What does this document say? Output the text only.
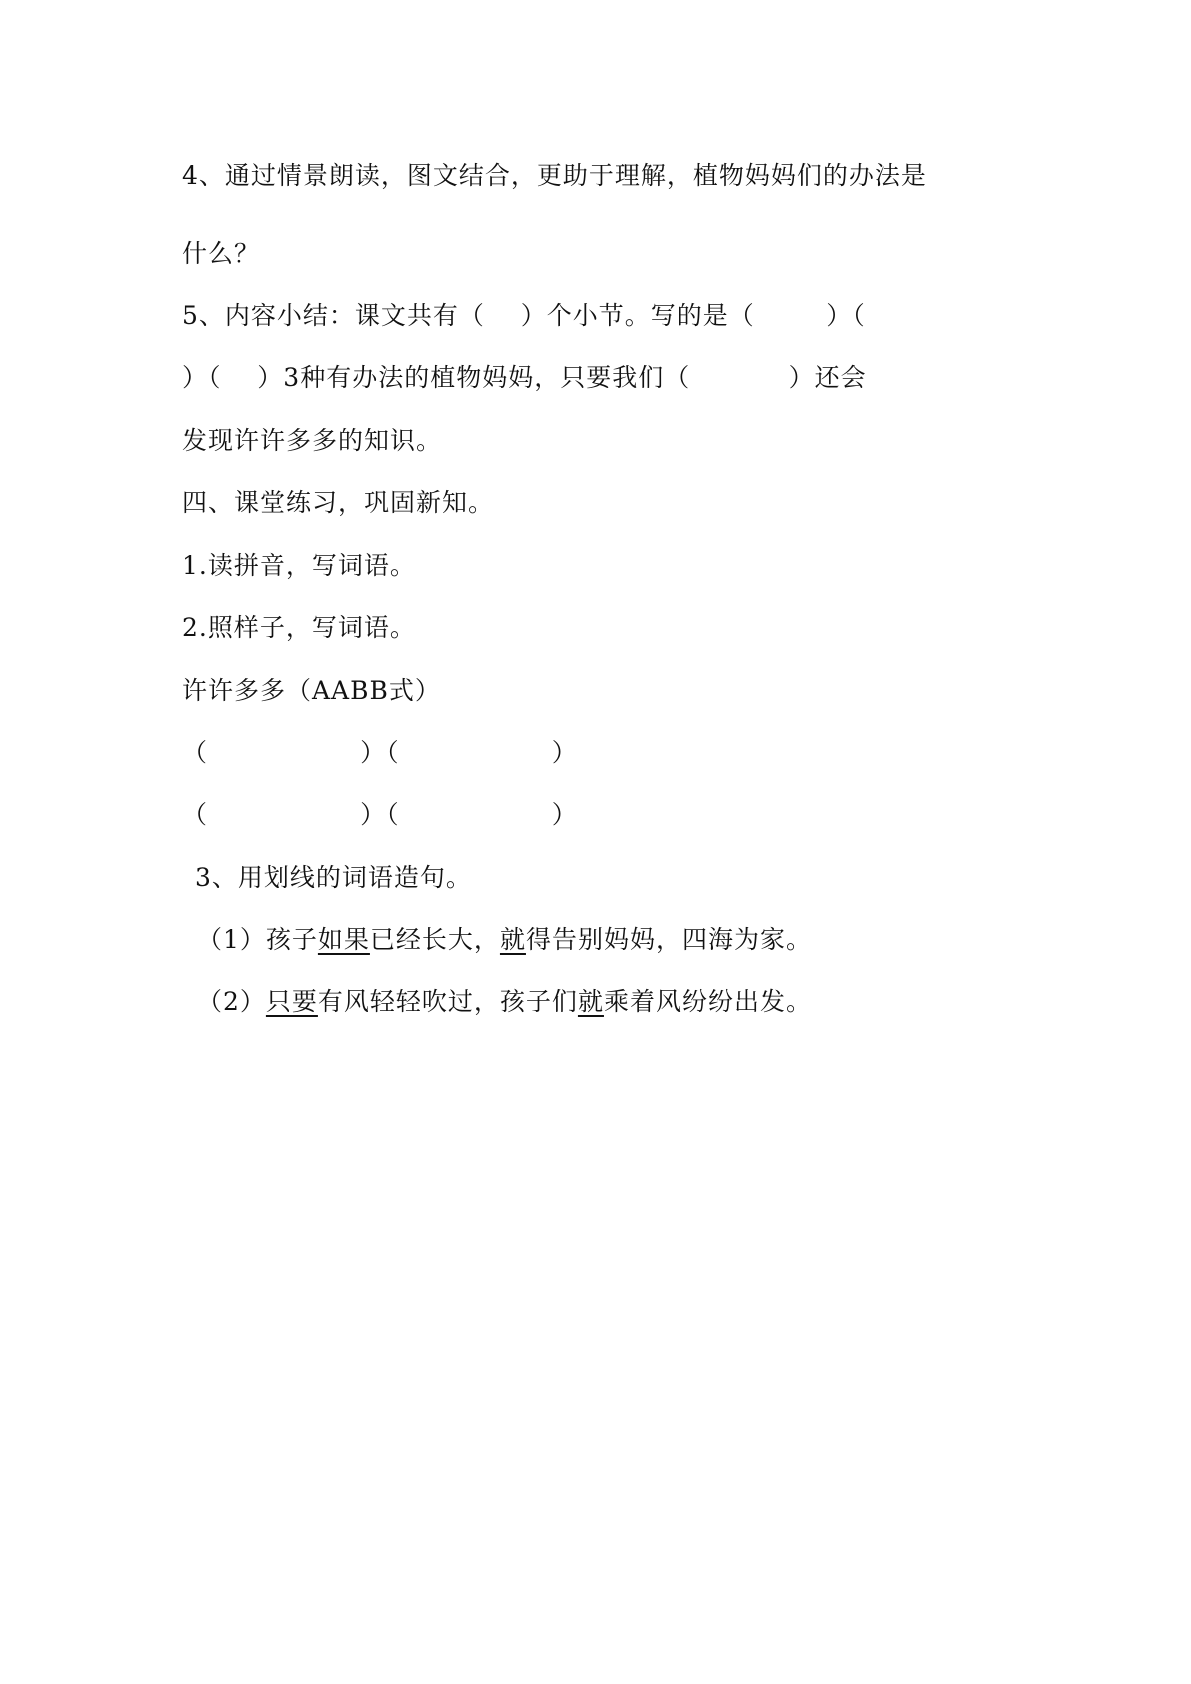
4、通过情景朗读，图文结合，更助于理解，植物妈妈们的办法是
什么？
5、内容小结：课文共有（    ）个小节。写的是（        ）（
）（    ）3种有办法的植物妈妈，只要我们（           ）还会
发现许许多多的知识。
四、课堂练习，巩固新知。
1.读拼音，写词语。
2.照样子，写词语。
许许多多（AABB式）
（                 ）（                 ）
（                 ）（                 ）
3、用划线的词语造句。
（1）孩子如果已经长大，就得告别妈妈，四海为家。
（2）只要有风轻轻吹过，孩子们就乘着风纷纷出发。
